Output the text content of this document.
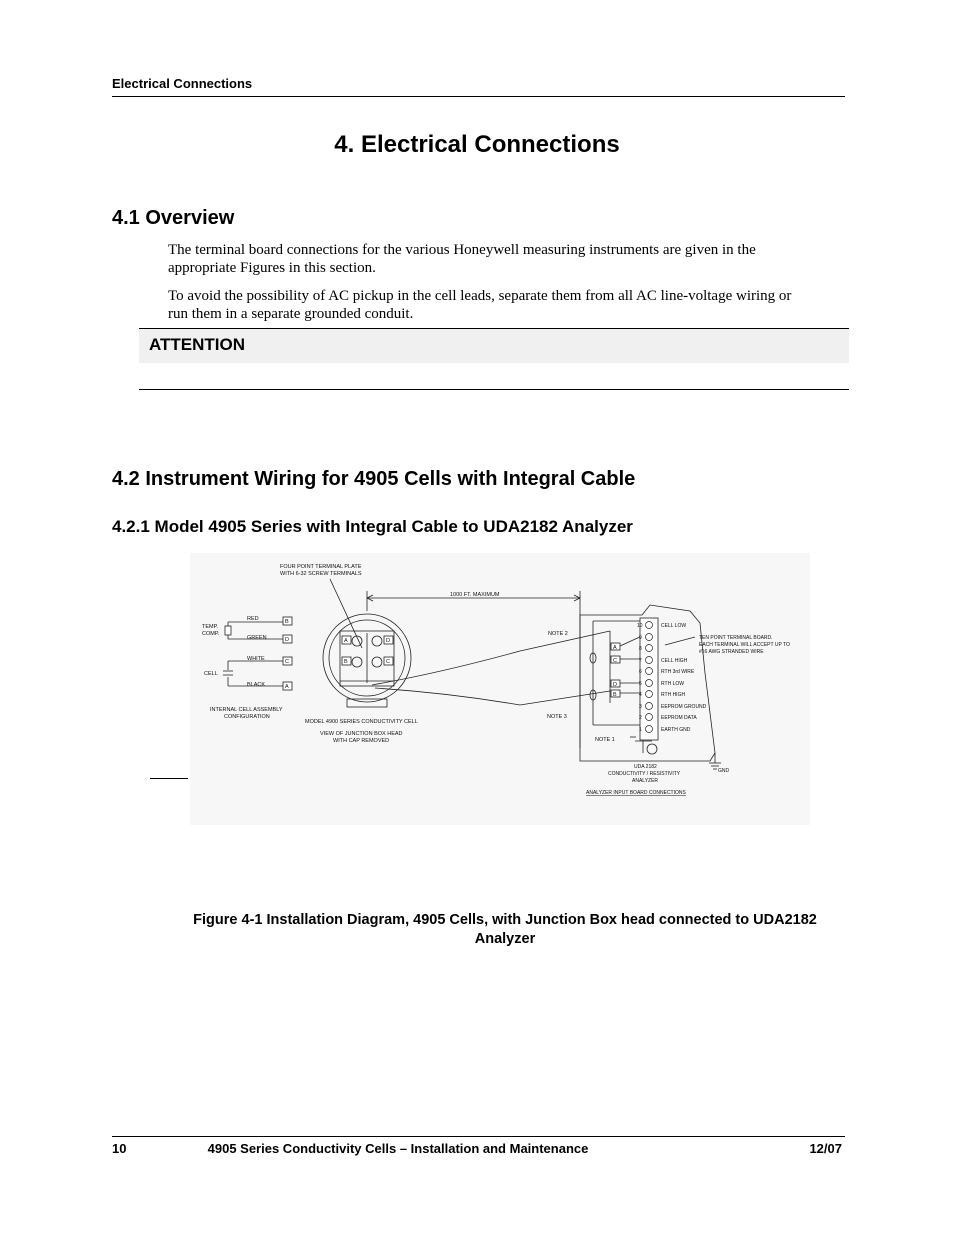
Electrical Connections
4. Electrical Connections
4.1 Overview
The terminal board connections for the various Honeywell measuring instruments are given in the
appropriate Figures in this section.
To avoid the possibility of AC pickup in the cell leads, separate them from all AC line-voltage wiring or
run them in a separate grounded conduit.
ATTENTION
4.2 Instrument Wiring for 4905 Cells with Integral Cable
4.2.1 Model 4905 Series with Integral Cable to UDA2182 Analyzer
FOUR POINT TERMINAL PLATE
WITH 6-32 SCREW TERMINALS
1000 FT. MAXIMUM
TEMP.
COMP.
CELL
RED
GREEN
WHITE
BLACK
B
D
C
A
INTERNAL CELL ASSEMBLY
CONFIGURATION
MODEL 4900 SERIES CONDUCTIVITY CELL
VIEW OF JUNCTION BOX HEAD
WITH CAP REMOVED
A	D
B	C
NOTE 2
NOTE 3
NOTE 1
A
C
D
B
10
9
8
7
6
5
4
3
2
1
CELL LOW
CELL HIGH
RTH 3rd WIRE
RTH LOW
RTH HIGH
EEPROM GROUND
EEPROM DATA
EARTH GND
TEN POINT TERMINAL BOARD.
EACH TERMINAL WILL ACCEPT UP TO
#16 AWG STRANDED WIRE
GND
UDA 2182
CONDUCTIVITY / RESISTIVITY
ANALYZER
ANALYZER INPUT BOARD CONNECTIONS
Figure 4-1 Installation Diagram, 4905 Cells, with Junction Box head connected to UDA2182
Analyzer
10	4905 Series Conductivity Cells – Installation and Maintenance	12/07
